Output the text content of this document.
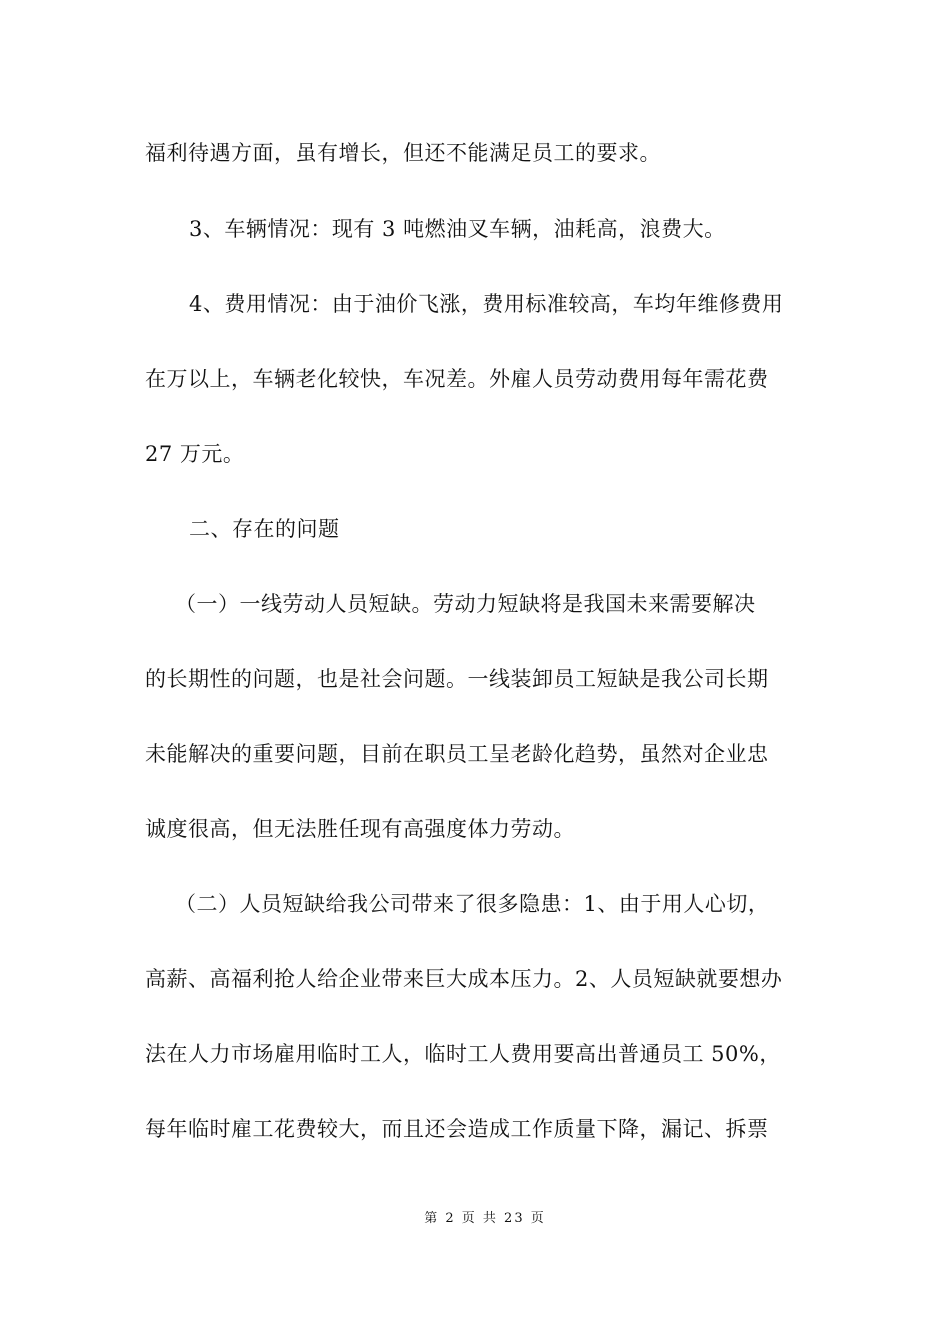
福利待遇方面，虽有增长，但还不能满足员工的要求。
3、车辆情况：现有 3 吨燃油叉车辆，油耗高，浪费大。
4、费用情况：由于油价飞涨，费用标准较高，车均年维修费用
在万以上，车辆老化较快，车况差。外雇人员劳动费用每年需花费
27 万元。
二、存在的问题
（一）一线劳动人员短缺。劳动力短缺将是我国未来需要解决
的长期性的问题，也是社会问题。一线装卸员工短缺是我公司长期
未能解决的重要问题，目前在职员工呈老龄化趋势，虽然对企业忠
诚度很高，但无法胜任现有高强度体力劳动。
（二）人员短缺给我公司带来了很多隐患：1、由于用人心切，
高薪、高福利抢人给企业带来巨大成本压力。2、人员短缺就要想办
法在人力市场雇用临时工人，临时工人费用要高出普通员工 50%，
每年临时雇工花费较大，而且还会造成工作质量下降，漏记、拆票
第 2 页 共 23 页
